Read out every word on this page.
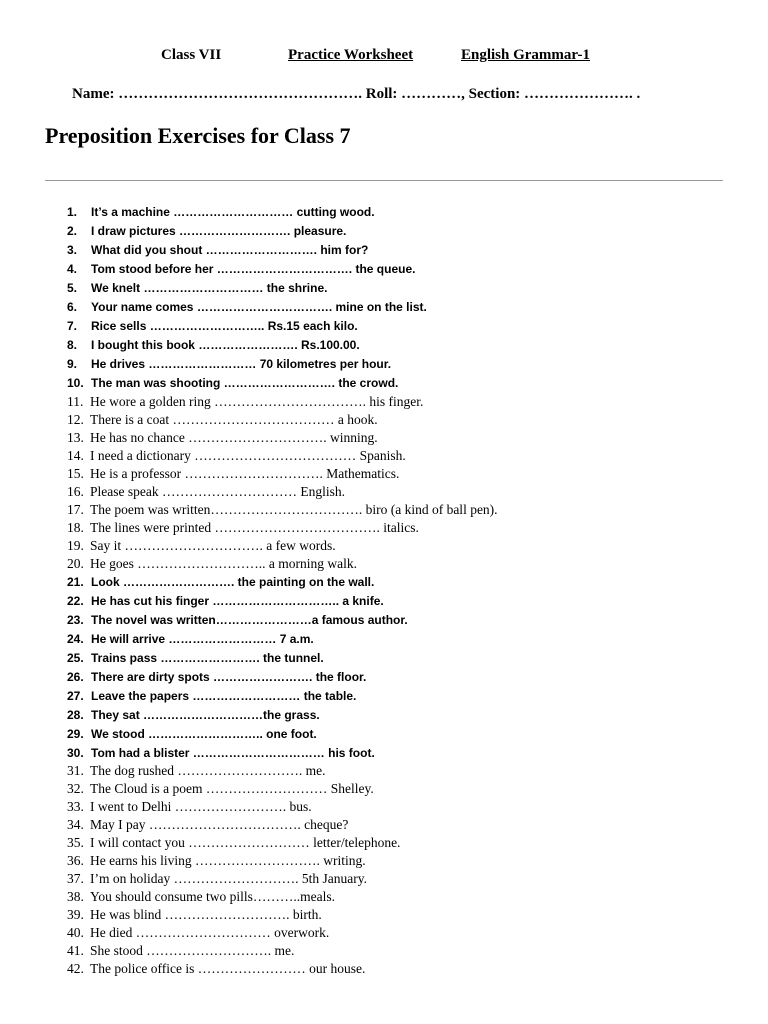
Class VII	Practice Worksheet	English Grammar-1
Name: …………………………………………. Roll: …………, Section: …………………. .
Preposition Exercises for Class 7
1.	It’s a machine ………………………… cutting wood.
2.	I draw pictures ………………………. pleasure.
3.	What did you shout ………………………. him for?
4.	Tom stood before her ……………………………. the queue.
5.	We knelt ………………………… the shrine.
6.	Your name comes ……………………………. mine on the list.
7.	Rice sells ……………………….. Rs.15 each kilo.
8.	I bought this book ……………………. Rs.100.00.
9.	He drives ……………………… 70 kilometres per hour.
10. The man was shooting ………………………. the crowd.
11. He wore a golden ring ……………………………. his finger.
12. There is a coat ……………………………… a hook.
13. He has no chance …………………………. winning.
14. I need a dictionary ……………………………… Spanish.
15. He is a professor …………………………. Mathematics.
16. Please speak ………………………… English.
17. The poem was written……………………………. biro (a kind of ball pen).
18. The lines were printed ………………………………. italics.
19. Say it …………………………. a few words.
20. He goes ……………………….. a morning walk.
21. Look ………………………. the painting on the wall.
22. He has cut his finger ………………………….. a knife.
23. The novel was written……………………a famous author.
24. He will arrive ……………………… 7 a.m.
25. Trains pass ……………………. the tunnel.
26. There are dirty spots ……………………. the floor.
27. Leave the papers ……………………… the table.
28. They sat …………………………the grass.
29. We stood ……………………….. one foot.
30. Tom had a blister …………………………… his foot.
31. The dog rushed ………………………. me.
32. The Cloud is a poem ……………………… Shelley.
33. I went to Delhi ……………………. bus.
34. May I pay ……………………………. cheque?
35. I will contact you ……………………… letter/telephone.
36. He earns his living ………………………. writing.
37. I’m on holiday ………………………. 5th January.
38. You should consume two pills………..meals.
39. He was blind ………………………. birth.
40. He died ………………………… overwork.
41. She stood ………………………. me.
42. The police office is …………………… our house.
